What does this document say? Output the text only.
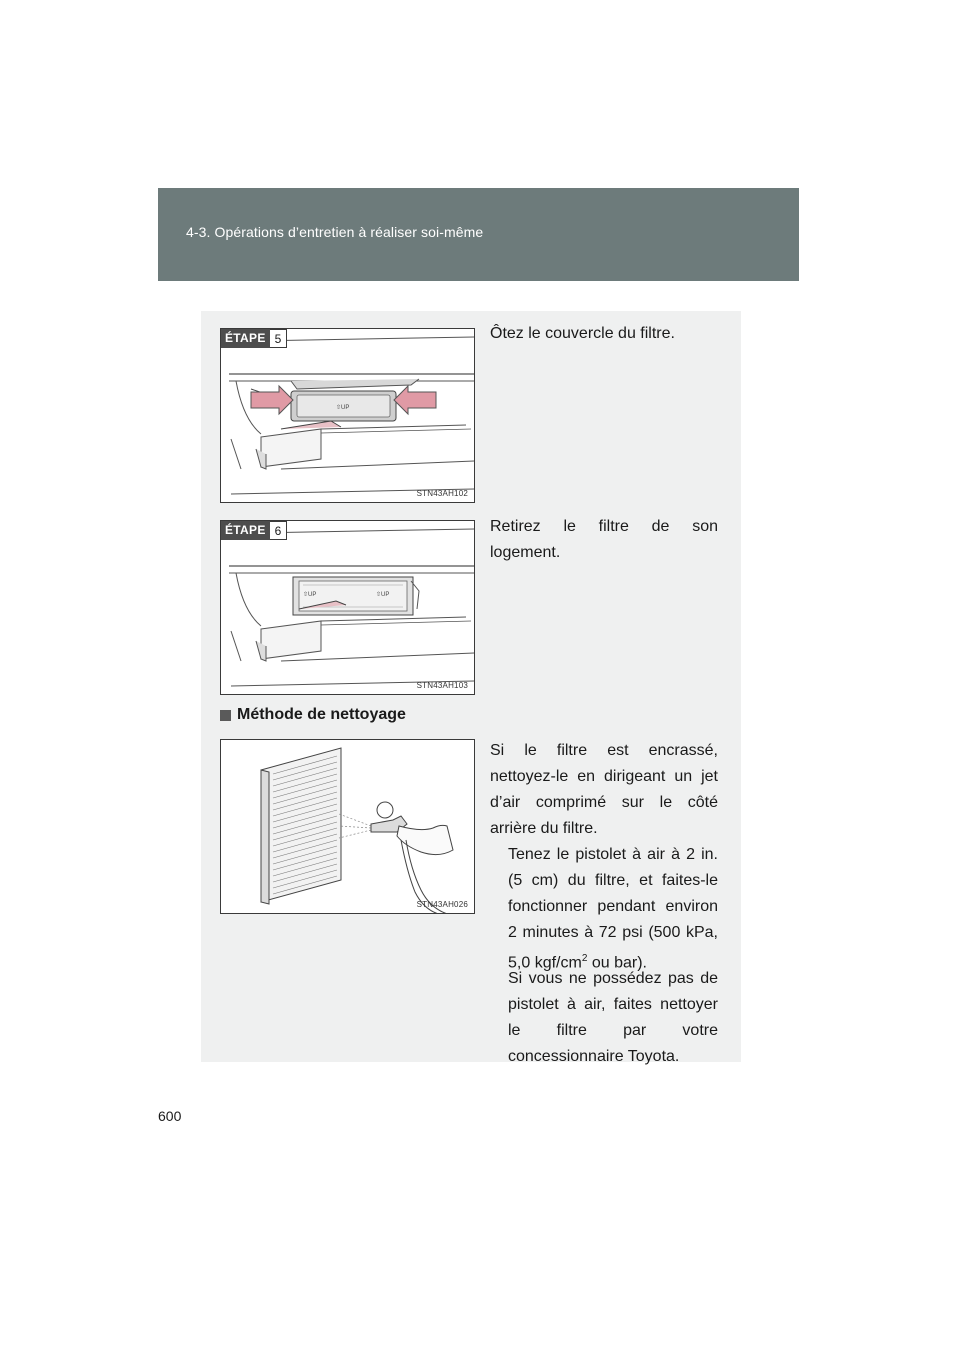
4-3. Opérations d’entretien à réaliser soi-même
⇧UP
ÉTAPE 5
STN43AH102
Ôtez le couvercle du filtre.
⇧UP	⇧UP
ÉTAPE 6
STN43AH103
Retirez le filtre de son logement.
Méthode de nettoyage
STN43AH026
Si le filtre est encrassé, nettoyez-le en dirigeant un jet d’air comprimé sur le côté arrière du filtre.
Tenez le pistolet à air à 2 in. (5 cm) du filtre, et faites-le fonctionner pendant environ 2 minutes à 72 psi (500 kPa, 5,0 kgf/$cm^2$ ou bar).
Si vous ne possédez pas de pistolet à air, faites nettoyer le filtre par votre concessionnaire Toyota.
600
